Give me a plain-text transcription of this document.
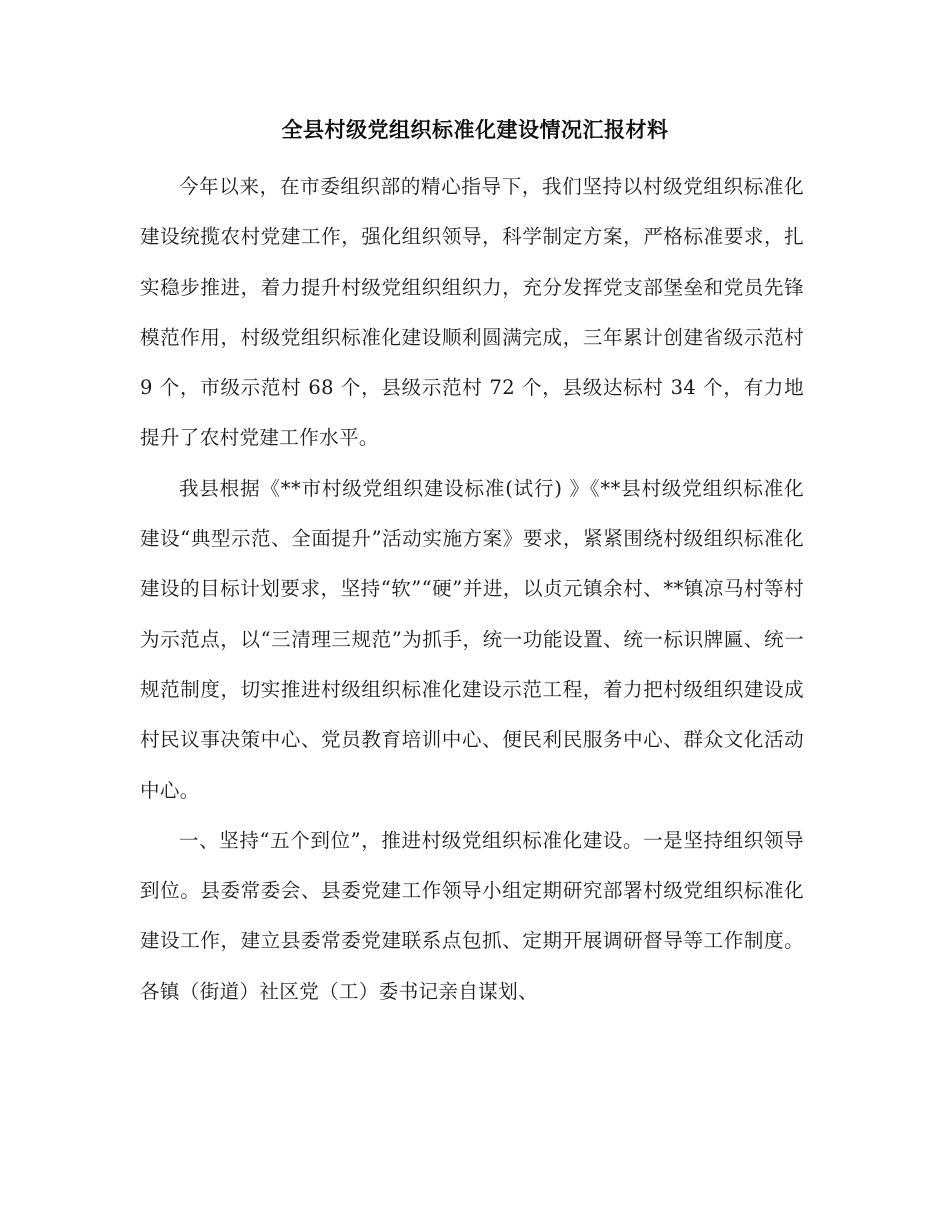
全县村级党组织标准化建设情况汇报材料

今年以来，在市委组织部的精心指导下，我们坚持以村级党组织标准化建设统揽农村党建工作，强化组织领导，科学制定方案，严格标准要求，扎实稳步推进，着力提升村级党组织组织力，充分发挥党支部堡垒和党员先锋模范作用，村级党组织标准化建设顺利圆满完成，三年累计创建省级示范村 9 个，市级示范村 68 个，县级示范村 72 个，县级达标村 34 个，有力地提升了农村党建工作水平。

我县根据《**市村级党组织建设标准(试行) 》《**县村级党组织标准化建设“典型示范、全面提升”活动实施方案》要求，紧紧围绕村级组织标准化建设的目标计划要求，坚持“软”“硬”并进，以贞元镇余村、**镇凉马村等村为示范点，以“三清理三规范”为抓手，统一功能设置、统一标识牌匾、统一规范制度，切实推进村级组织标准化建设示范工程，着力把村级组织建设成村民议事决策中心、党员教育培训中心、便民利民服务中心、群众文化活动中心。

一、坚持“五个到位”，推进村级党组织标准化建设。一是坚持组织领导到位。县委常委会、县委党建工作领导小组定期研究部署村级党组织标准化建设工作，建立县委常委党建联系点包抓、定期开展调研督导等工作制度。各镇（街道）社区党（工）委书记亲自谋划、
